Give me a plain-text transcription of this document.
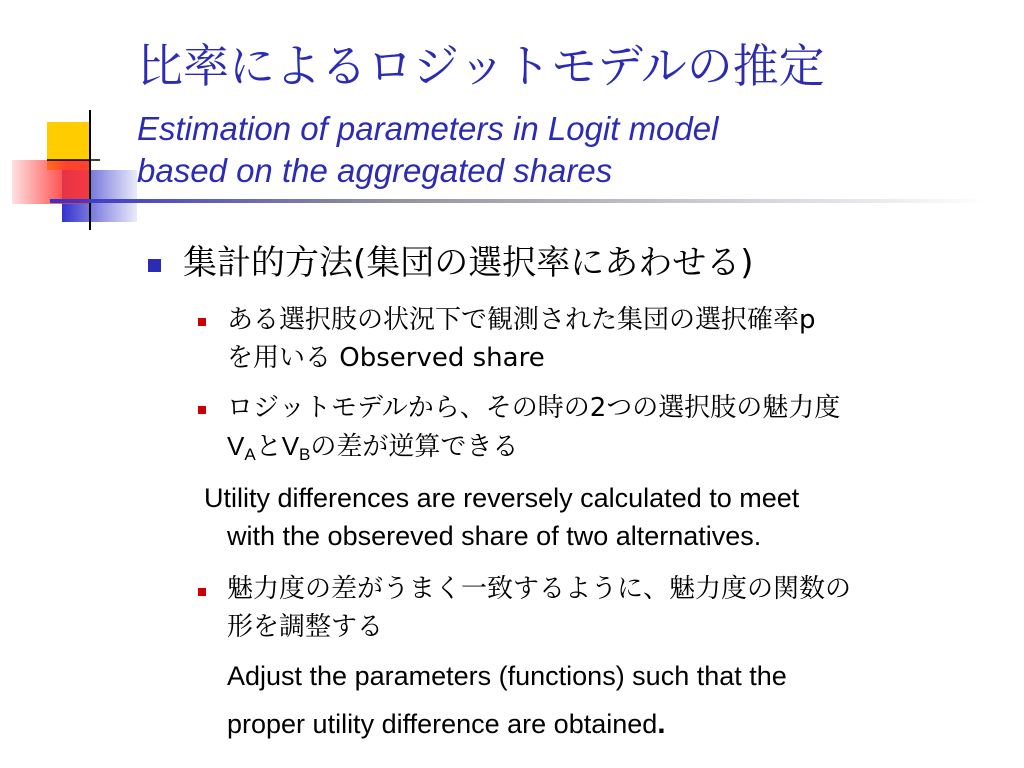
比率によるロジットモデルの推定
Estimation of parameters in Logit model
based on the aggregated shares
集計的方法(集団の選択率にあわせる)
ある選択肢の状況下で観測された集団の選択確率p
を用いる Observed share
ロジットモデルから、その時の2つの選択肢の魅力度
$V_A$と$V_B$の差が逆算できる
Utility differences are reversely calculated to meet
with the obsereved share of two alternatives.
魅力度の差がうまく一致するように、魅力度の関数の
形を調整する
Adjust the parameters (functions) such that the
proper utility difference are obtained.
